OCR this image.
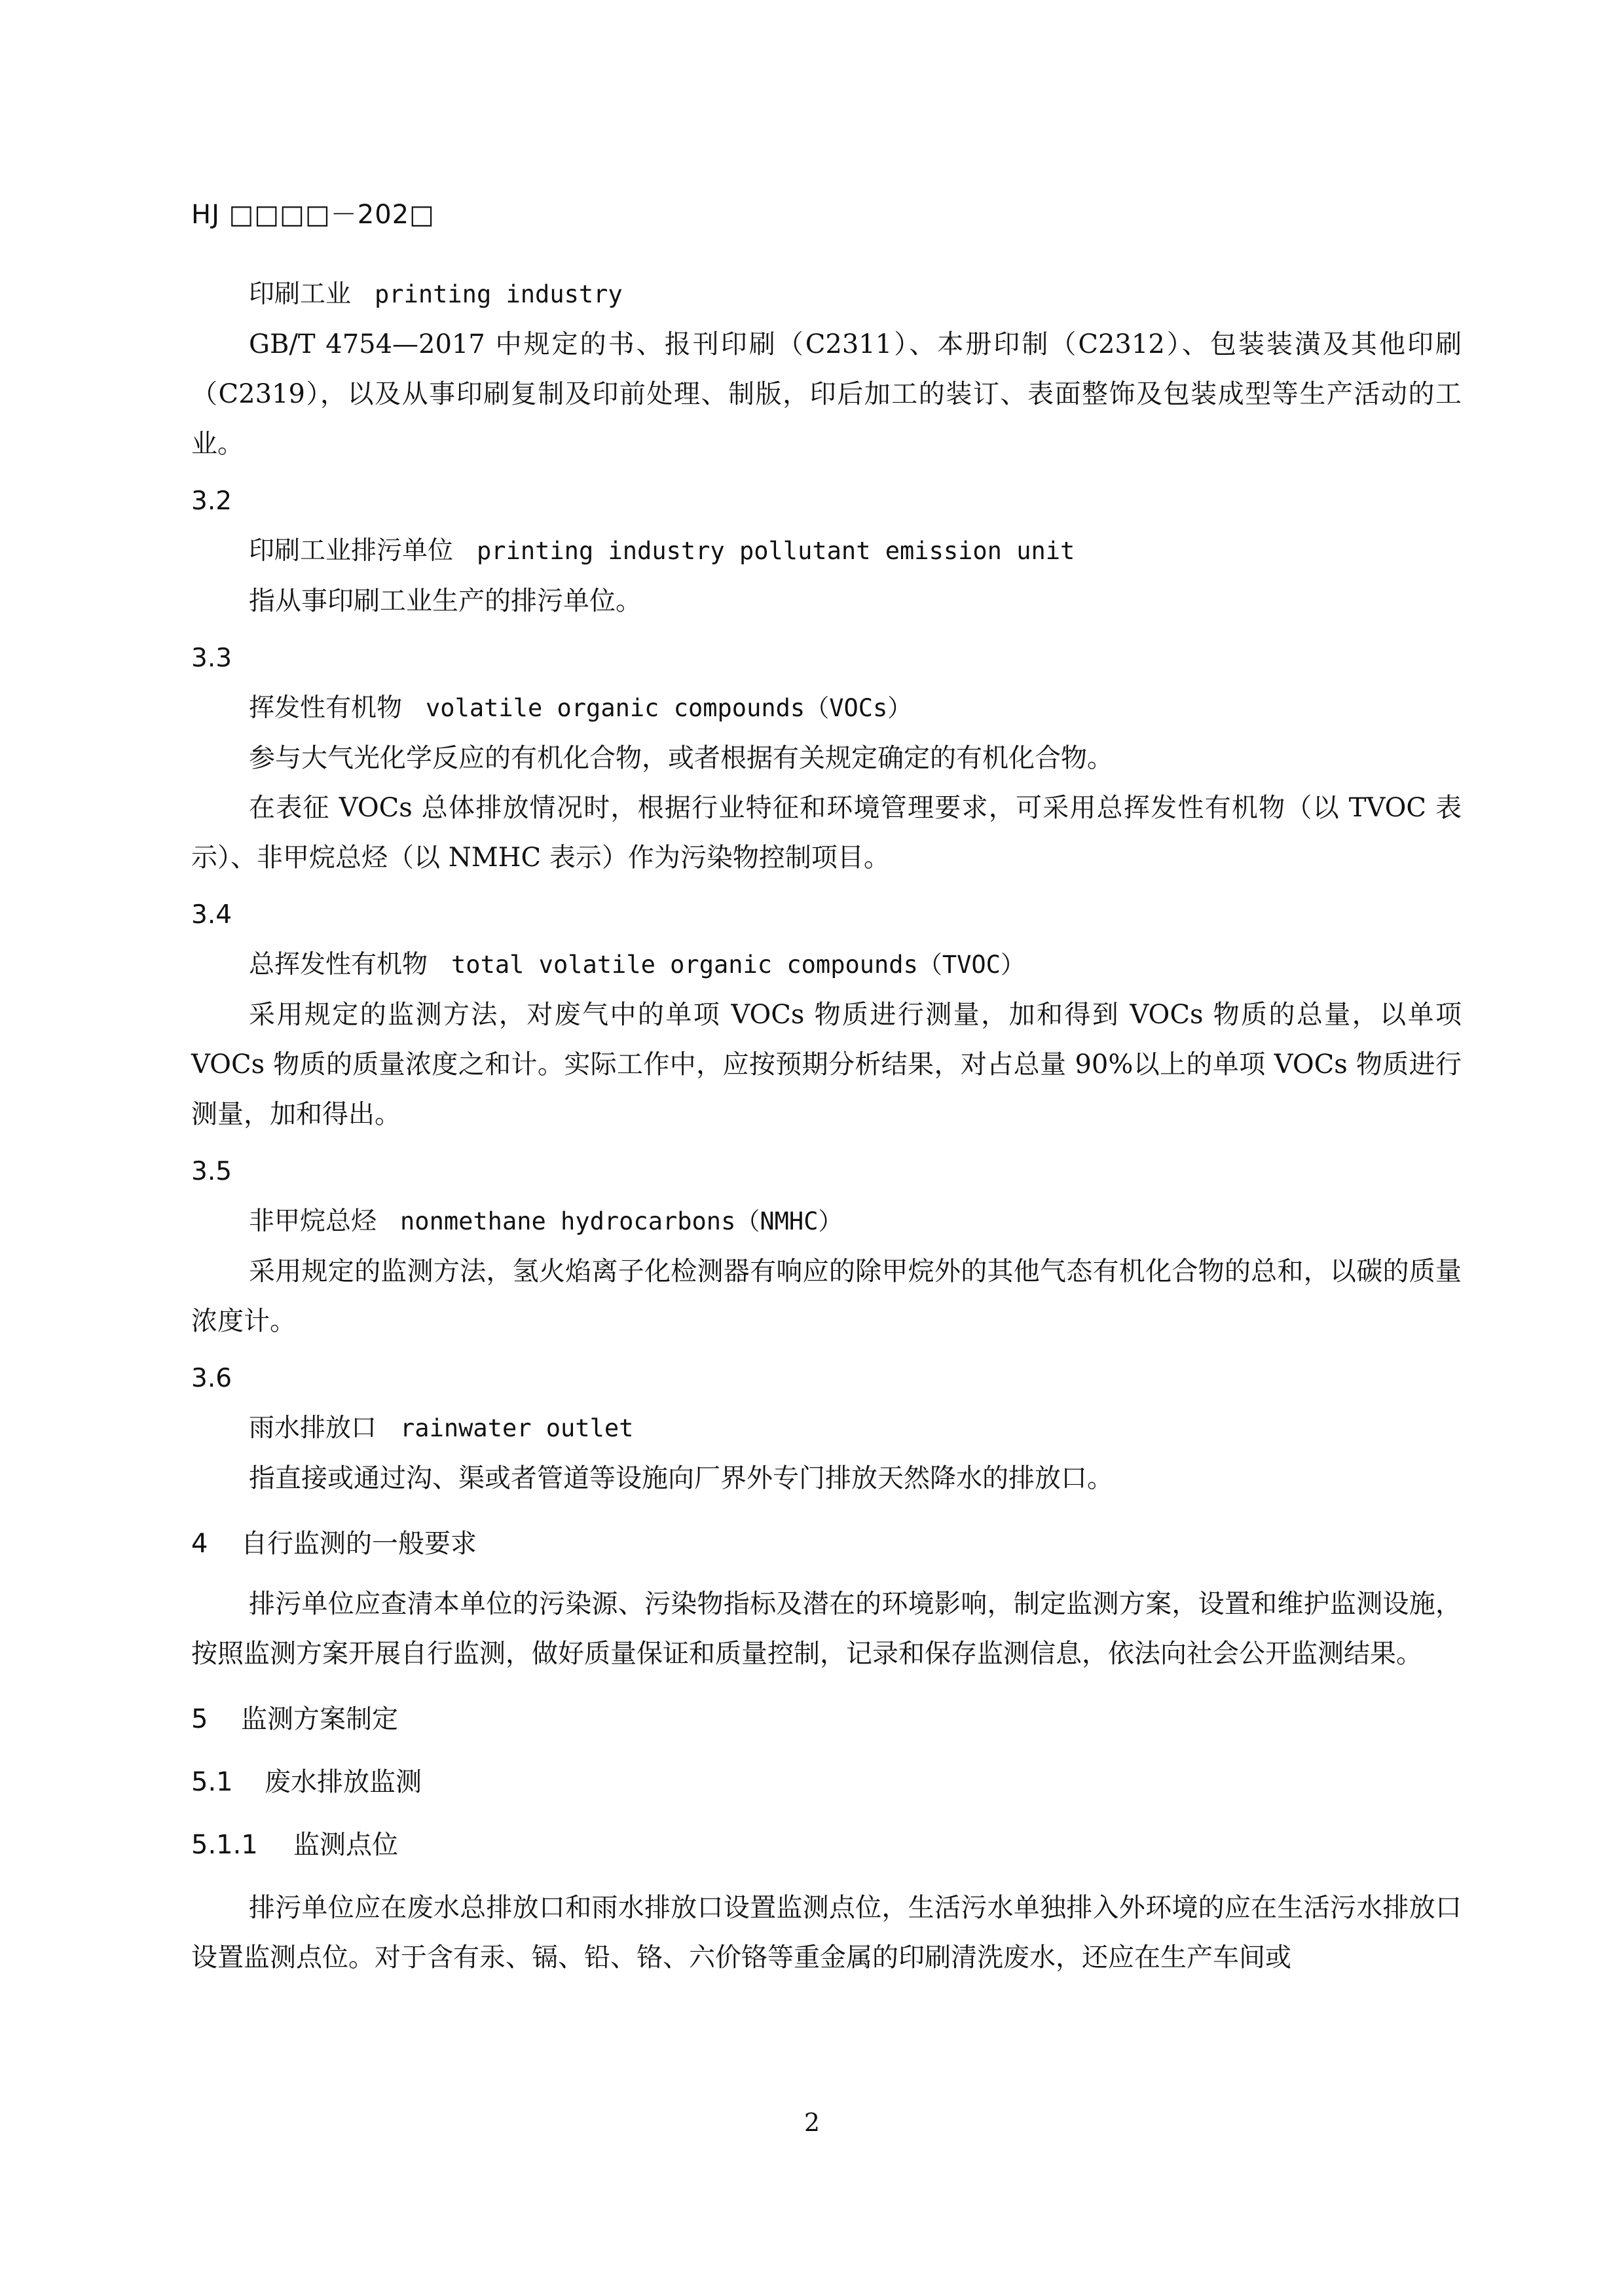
HJ □□□□－202□
印刷工业 printing industry
GB/T 4754—2017 中规定的书、报刊印刷（C2311）、本册印制（C2312）、包装装潢及其他印刷（C2319），以及从事印刷复制及印前处理、制版，印后加工的装订、表面整饰及包装成型等生产活动的工业。
3.2
印刷工业排污单位 printing industry pollutant emission unit
指从事印刷工业生产的排污单位。
3.3
挥发性有机物 volatile organic compounds（VOCs）
参与大气光化学反应的有机化合物，或者根据有关规定确定的有机化合物。
在表征 VOCs 总体排放情况时，根据行业特征和环境管理要求，可采用总挥发性有机物（以 TVOC 表示）、非甲烷总烃（以 NMHC 表示）作为污染物控制项目。
3.4
总挥发性有机物 total volatile organic compounds（TVOC）
采用规定的监测方法，对废气中的单项 VOCs 物质进行测量，加和得到 VOCs 物质的总量，以单项 VOCs 物质的质量浓度之和计。实际工作中，应按预期分析结果，对占总量 90%以上的单项 VOCs 物质进行测量，加和得出。
3.5
非甲烷总烃 nonmethane hydrocarbons（NMHC）
采用规定的监测方法，氢火焰离子化检测器有响应的除甲烷外的其他气态有机化合物的总和，以碳的质量浓度计。
3.6
雨水排放口 rainwater outlet
指直接或通过沟、渠或者管道等设施向厂界外专门排放天然降水的排放口。
4 自行监测的一般要求
排污单位应查清本单位的污染源、污染物指标及潜在的环境影响，制定监测方案，设置和维护监测设施，按照监测方案开展自行监测，做好质量保证和质量控制，记录和保存监测信息，依法向社会公开监测结果。
5 监测方案制定
5.1 废水排放监测
5.1.1 监测点位
排污单位应在废水总排放口和雨水排放口设置监测点位，生活污水单独排入外环境的应在生活污水排放口设置监测点位。对于含有汞、镉、铅、铬、六价铬等重金属的印刷清洗废水，还应在生产车间或
2
